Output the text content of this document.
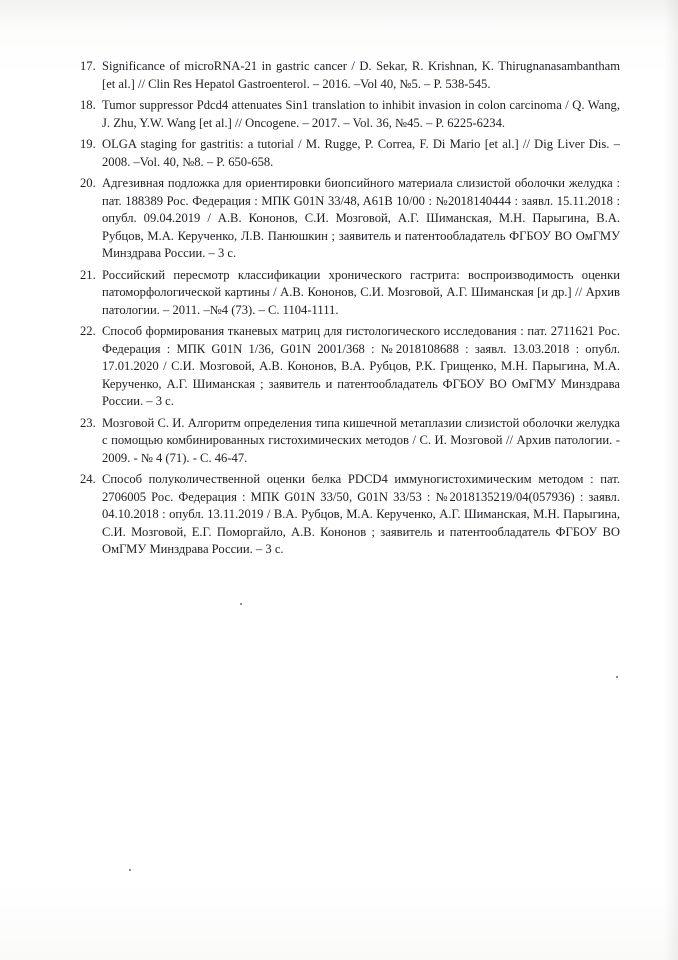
17. Significance of microRNA-21 in gastric cancer / D. Sekar, R. Krishnan, K. Thirugnanasambantham [et al.] // Clin Res Hepatol Gastroenterol. – 2016. –Vol 40, №5. – P. 538-545.
18. Tumor suppressor Pdcd4 attenuates Sin1 translation to inhibit invasion in colon carcinoma / Q. Wang, J. Zhu, Y.W. Wang [et al.] // Oncogene. – 2017. – Vol. 36, №45. – P. 6225-6234.
19. OLGA staging for gastritis: a tutorial / M. Rugge, P. Correa, F. Di Mario [et al.] // Dig Liver Dis. – 2008. –Vol. 40, №8. – P. 650-658.
20. Адгезивная подложка для ориентировки биопсийного материала слизистой оболочки желудка : пат. 188389 Рос. Федерация : МПК G01N 33/48, A61B 10/00 : №2018140444 : заявл. 15.11.2018 : опубл. 09.04.2019 / А.В. Кононов, С.И. Мозговой, А.Г. Шиманская, М.Н. Парыгина, В.А. Рубцов, М.А. Керученко, Л.В. Панюшкин ; заявитель и патентообладатель ФГБОУ ВО ОмГМУ Минздрава России. – 3 с.
21. Российский пересмотр классификации хронического гастрита: воспроизводимость оценки патоморфологической картины / А.В. Кононов, С.И. Мозговой, А.Г. Шиманская [и др.] // Архив патологии. – 2011. –№4 (73). – С. 1104-1111.
22. Способ формирования тканевых матриц для гистологического исследования : пат. 2711621 Рос. Федерация : МПК G01N 1/36, G01N 2001/368 : №2018108688 : заявл. 13.03.2018 : опубл. 17.01.2020 / С.И. Мозговой, А.В. Кононов, В.А. Рубцов, Р.К. Грищенко, М.Н. Парыгина, М.А. Керученко, А.Г. Шиманская ; заявитель и патентообладатель ФГБОУ ВО ОмГМУ Минздрава России. – 3 с.
23. Мозговой С. И. Алгоритм определения типа кишечной метаплазии слизистой оболочки желудка с помощью комбинированных гистохимических методов / С. И. Мозговой // Архив патологии. - 2009. - № 4 (71). - С. 46-47.
24. Способ полуколичественной оценки белка PDCD4 иммуногистохимическим методом : пат. 2706005 Рос. Федерация : МПК G01N 33/50, G01N 33/53 : №2018135219/04(057936) : заявл. 04.10.2018 : опубл. 13.11.2019 / В.А. Рубцов, М.А. Керученко, А.Г. Шиманская, М.Н. Парыгина, С.И. Мозговой, Е.Г. Поморгайло, А.В. Кононов ; заявитель и патентообладатель ФГБОУ ВО ОмГМУ Минздрава России. – 3 с.
